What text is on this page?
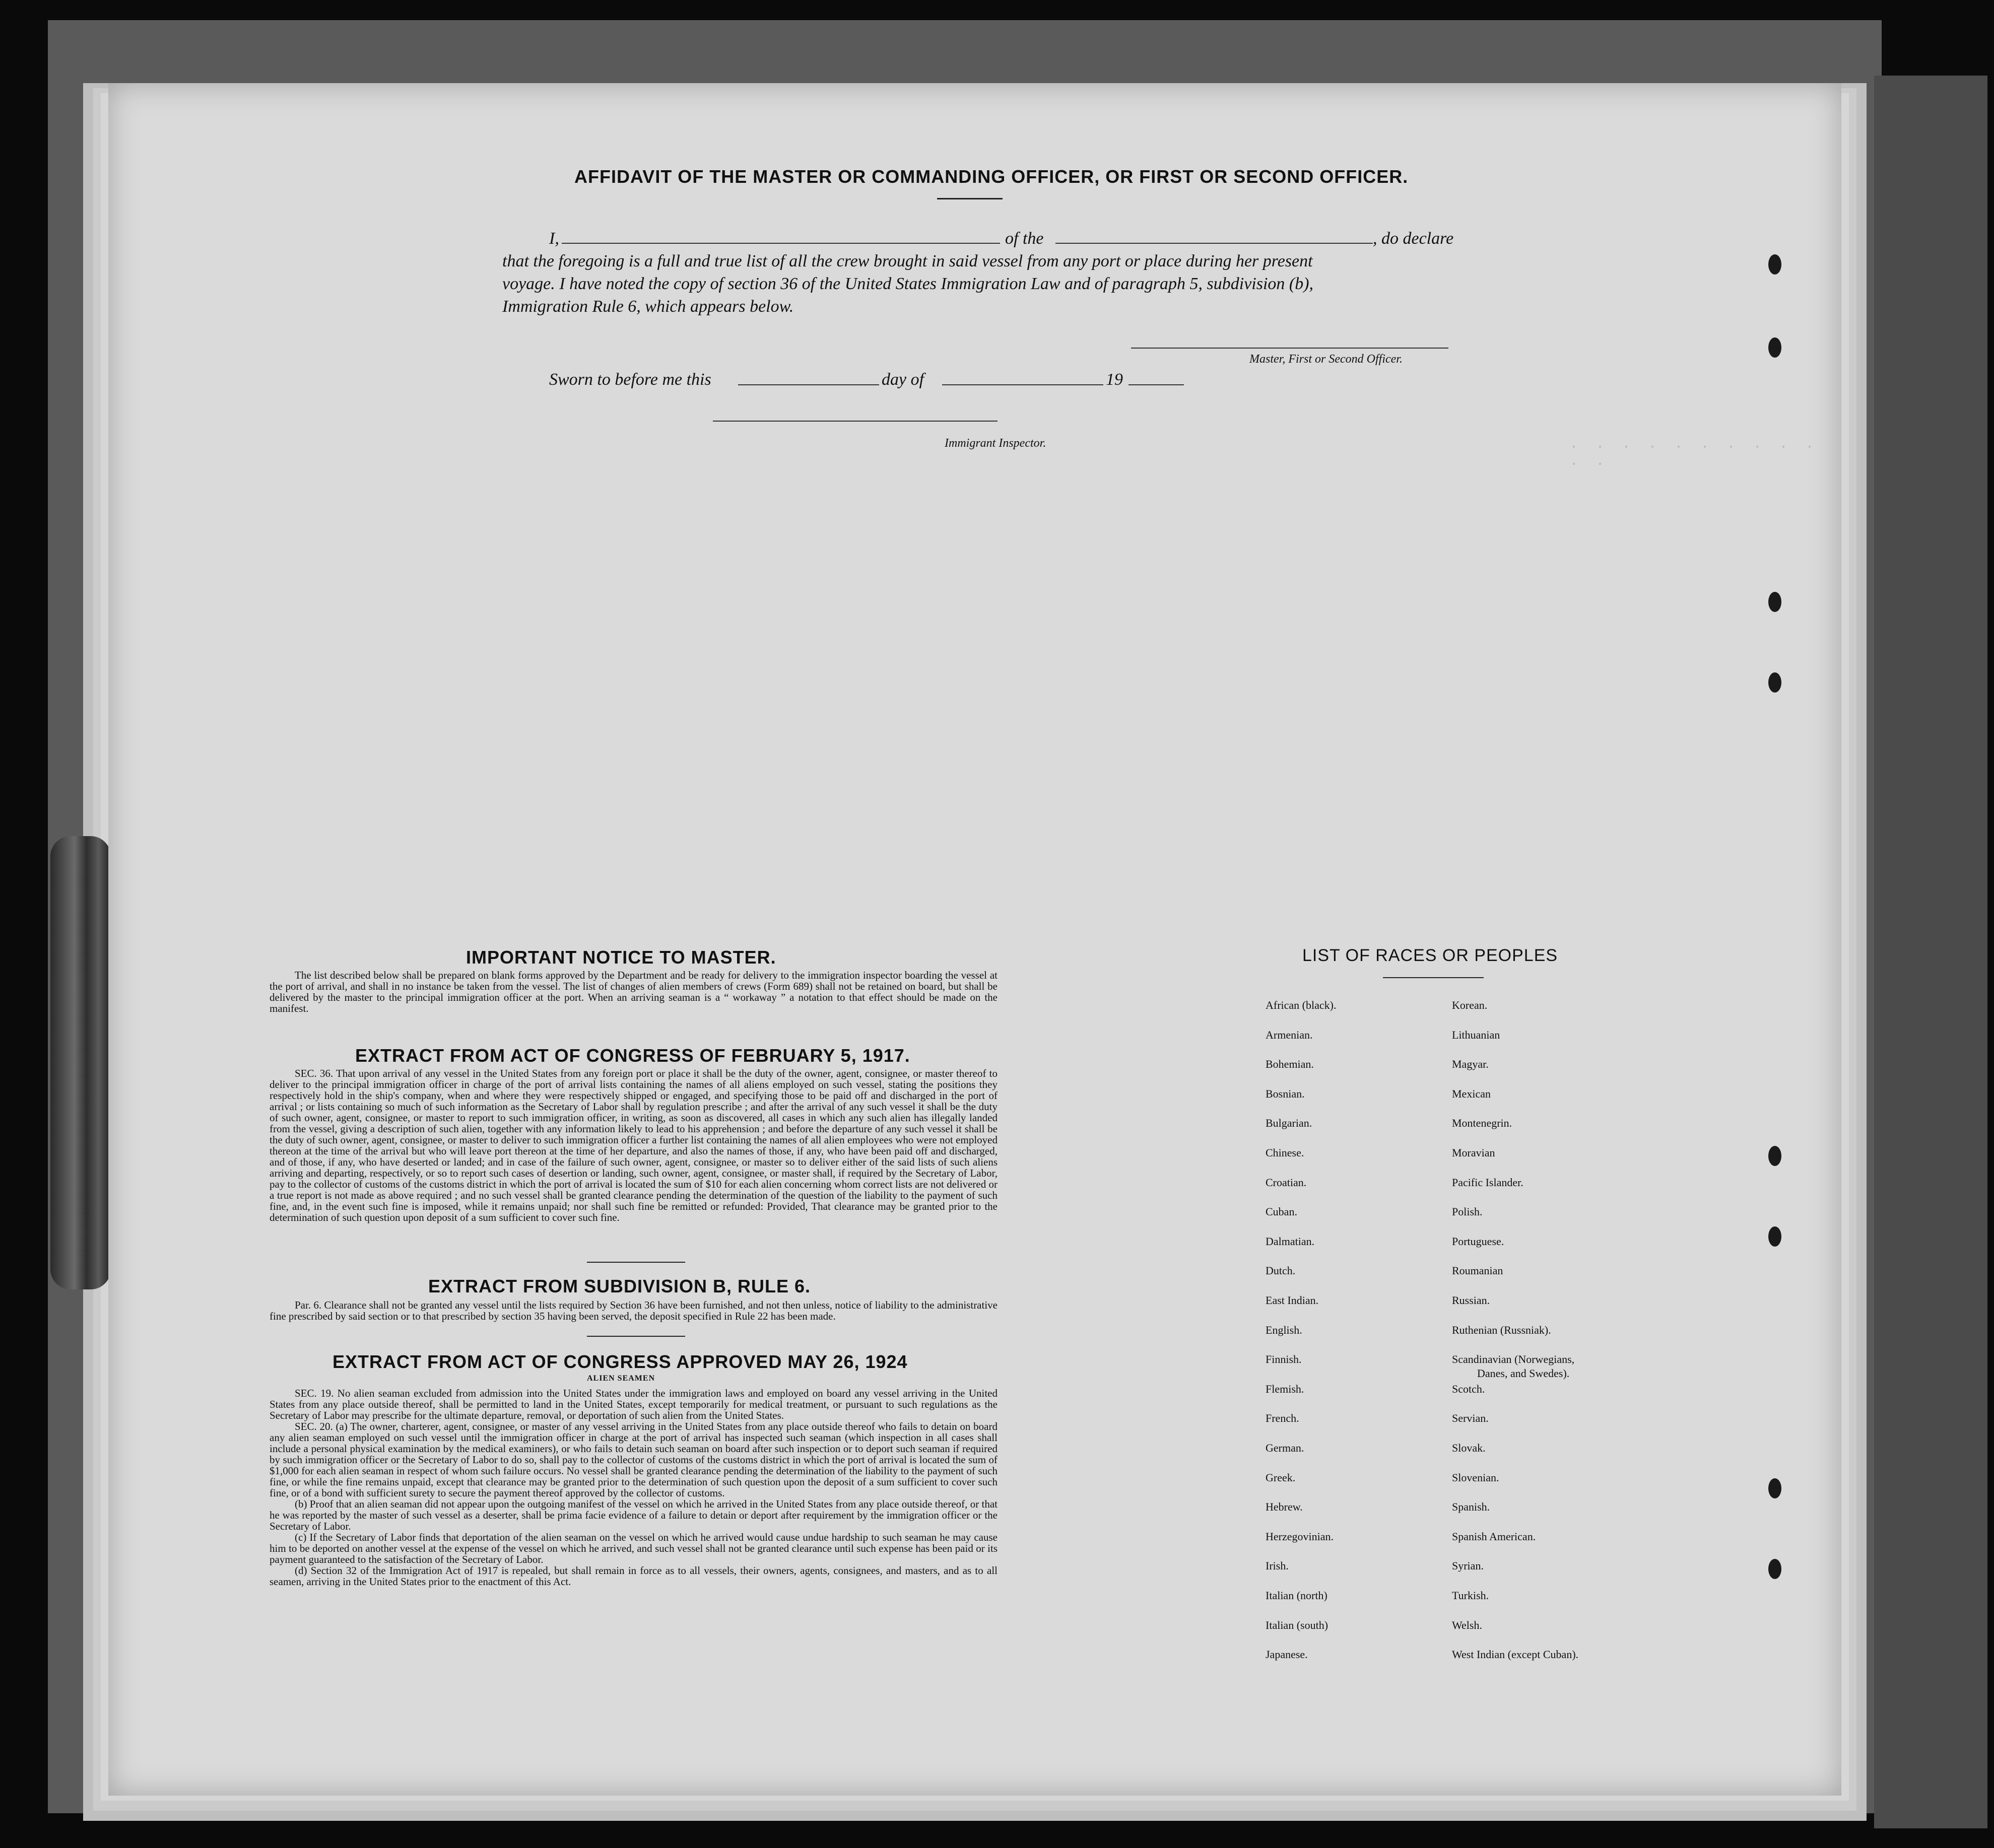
. . . . . . . . . . . .
AFFIDAVIT OF THE MASTER OR COMMANDING OFFICER, OR FIRST OR SECOND OFFICER.
I,	of the	, do declare
that the foregoing is a full and true list of all the crew brought in said vessel from any port or place during her present
voyage. I have noted the copy of section 36 of the United States Immigration Law and of paragraph 5, subdivision (b),
Immigration Rule 6, which appears below.
Master, First or Second Officer.
Sworn to before me this	day of	19
Immigrant Inspector.
IMPORTANT NOTICE TO MASTER.

The list described below shall be prepared on blank forms approved by the Department and be ready for delivery to the immigration inspector boarding the vessel at the port of arrival, and shall in no instance be taken from the vessel. The list of changes of alien members of crews (Form 689) shall not be retained on board, but shall be delivered by the master to the principal immigration officer at the port. When an arriving seaman is a “ workaway ” a notation to that effect should be made on the manifest.

EXTRACT FROM ACT OF CONGRESS OF FEBRUARY 5, 1917.

SEC. 36. That upon arrival of any vessel in the United States from any foreign port or place it shall be the duty of the owner, agent, consignee, or master thereof to deliver to the principal immigration officer in charge of the port of arrival lists containing the names of all aliens employed on such vessel, stating the positions they respectively hold in the ship's company, when and where they were respectively shipped or engaged, and specifying those to be paid off and discharged in the port of arrival ; or lists containing so much of such information as the Secretary of Labor shall by regulation prescribe ; and after the arrival of any such vessel it shall be the duty of such owner, agent, consignee, or master to report to such immigration officer, in writing, as soon as discovered, all cases in which any such alien has illegally landed from the vessel, giving a description of such alien, together with any information likely to lead to his apprehension ; and before the departure of any such vessel it shall be the duty of such owner, agent, consignee, or master to deliver to such immigration officer a further list containing the names of all alien employees who were not employed thereon at the time of the arrival but who will leave port thereon at the time of her departure, and also the names of those, if any, who have been paid off and discharged, and of those, if any, who have deserted or landed; and in case of the failure of such owner, agent, consignee, or master so to deliver either of the said lists of such aliens arriving and departing, respectively, or so to report such cases of desertion or landing, such owner, agent, consignee, or master shall, if required by the Secretary of Labor, pay to the collector of customs of the customs district in which the port of arrival is located the sum of $10 for each alien concerning whom correct lists are not delivered or a true report is not made as above required ; and no such vessel shall be granted clearance pending the determination of the question of the liability to the payment of such fine, and, in the event such fine is imposed, while it remains unpaid; nor shall such fine be remitted or refunded: Provided, That clearance may be granted prior to the determination of such question upon deposit of a sum sufficient to cover such fine.

EXTRACT FROM SUBDIVISION B, RULE 6.

Par. 6. Clearance shall not be granted any vessel until the lists required by Section 36 have been furnished, and not then unless, notice of liability to the administrative fine prescribed by said section or to that prescribed by section 35 having been served, the deposit specified in Rule 22 has been made.

EXTRACT FROM ACT OF CONGRESS APPROVED MAY 26, 1924
ALIEN SEAMEN

SEC. 19. No alien seaman excluded from admission into the United States under the immigration laws and employed on board any vessel arriving in the United States from any place outside thereof, shall be permitted to land in the United States, except temporarily for medical treatment, or pursuant to such regulations as the Secretary of Labor may prescribe for the ultimate departure, removal, or deportation of such alien from the United States.

SEC. 20. (a) The owner, charterer, agent, consignee, or master of any vessel arriving in the United States from any place outside thereof who fails to detain on board any alien seaman employed on such vessel until the immigration officer in charge at the port of arrival has inspected such seaman (which inspection in all cases shall include a personal physical examination by the medical examiners), or who fails to detain such seaman on board after such inspection or to deport such seaman if required by such immigration officer or the Secretary of Labor to do so, shall pay to the collector of customs of the customs district in which the port of arrival is located the sum of $1,000 for each alien seaman in respect of whom such failure occurs. No vessel shall be granted clearance pending the determination of the liability to the payment of such fine, or while the fine remains unpaid, except that clearance may be granted prior to the determination of such question upon the deposit of a sum sufficient to cover such fine, or of a bond with sufficient surety to secure the payment thereof approved by the collector of customs.

(b) Proof that an alien seaman did not appear upon the outgoing manifest of the vessel on which he arrived in the United States from any place outside thereof, or that he was reported by the master of such vessel as a deserter, shall be prima facie evidence of a failure to detain or deport after requirement by the immigration officer or the Secretary of Labor.

(c) If the Secretary of Labor finds that deportation of the alien seaman on the vessel on which he arrived would cause undue hardship to such seaman he may cause him to be deported on another vessel at the expense of the vessel on which he arrived, and such vessel shall not be granted clearance until such expense has been paid or its payment guaranteed to the satisfaction of the Secretary of Labor.

(d) Section 32 of the Immigration Act of 1917 is repealed, but shall remain in force as to all vessels, their owners, agents, consignees, and masters, and as to all seamen, arriving in the United States prior to the enactment of this Act.

LIST OF RACES OR PEOPLES
African (black).
Armenian.
Bohemian.
Bosnian.
Bulgarian.
Chinese.
Croatian.
Cuban.
Dalmatian.
Dutch.
East Indian.
English.
Finnish.
Flemish.
French.
German.
Greek.
Hebrew.
Herzegovinian.
Irish.
Italian (north)
Italian (south)
Japanese.
Korean.
Lithuanian
Magyar.
Mexican
Montenegrin.
Moravian
Pacific Islander.
Polish.
Portuguese.
Roumanian
Russian.
Ruthenian (Russniak).
Scandinavian (Norwegians,
Danes, and Swedes).
Scotch.
Servian.
Slovak.
Slovenian.
Spanish.
Spanish American.
Syrian.
Turkish.
Welsh.
West Indian (except Cuban).
